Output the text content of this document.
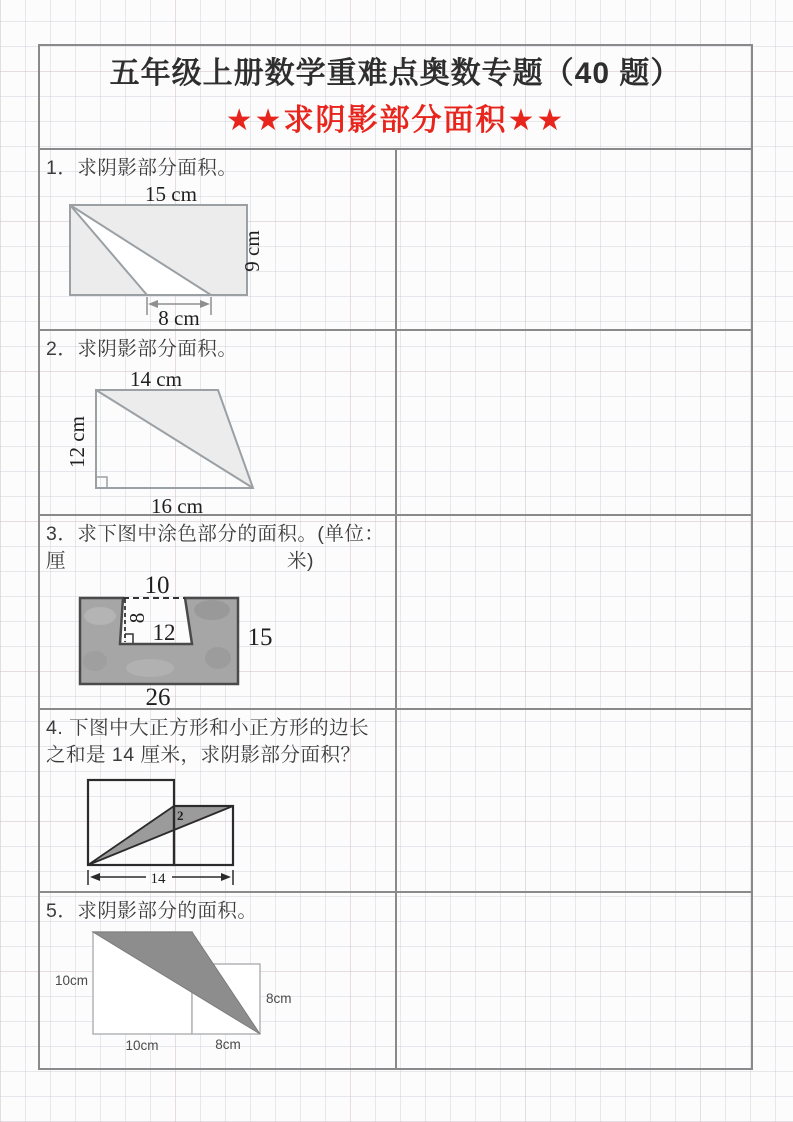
五年级上册数学重难点奥数专题（40 题）
★★求阴影部分面积★★
1．求阴影部分面积。
15 cm
8 cm
9 cm
2．求阴影部分面积。
14 cm
12 cm
16 cm
3．求下图中涂色部分的面积。(单位：
厘	米)
10
8
12	15
26
4. 下图中大正方形和小正方形的边长
之和是 14 厘米，求阴影部分面积？
2
14
5．求阴影部分的面积。
10cm
8cm
10cm	8cm
